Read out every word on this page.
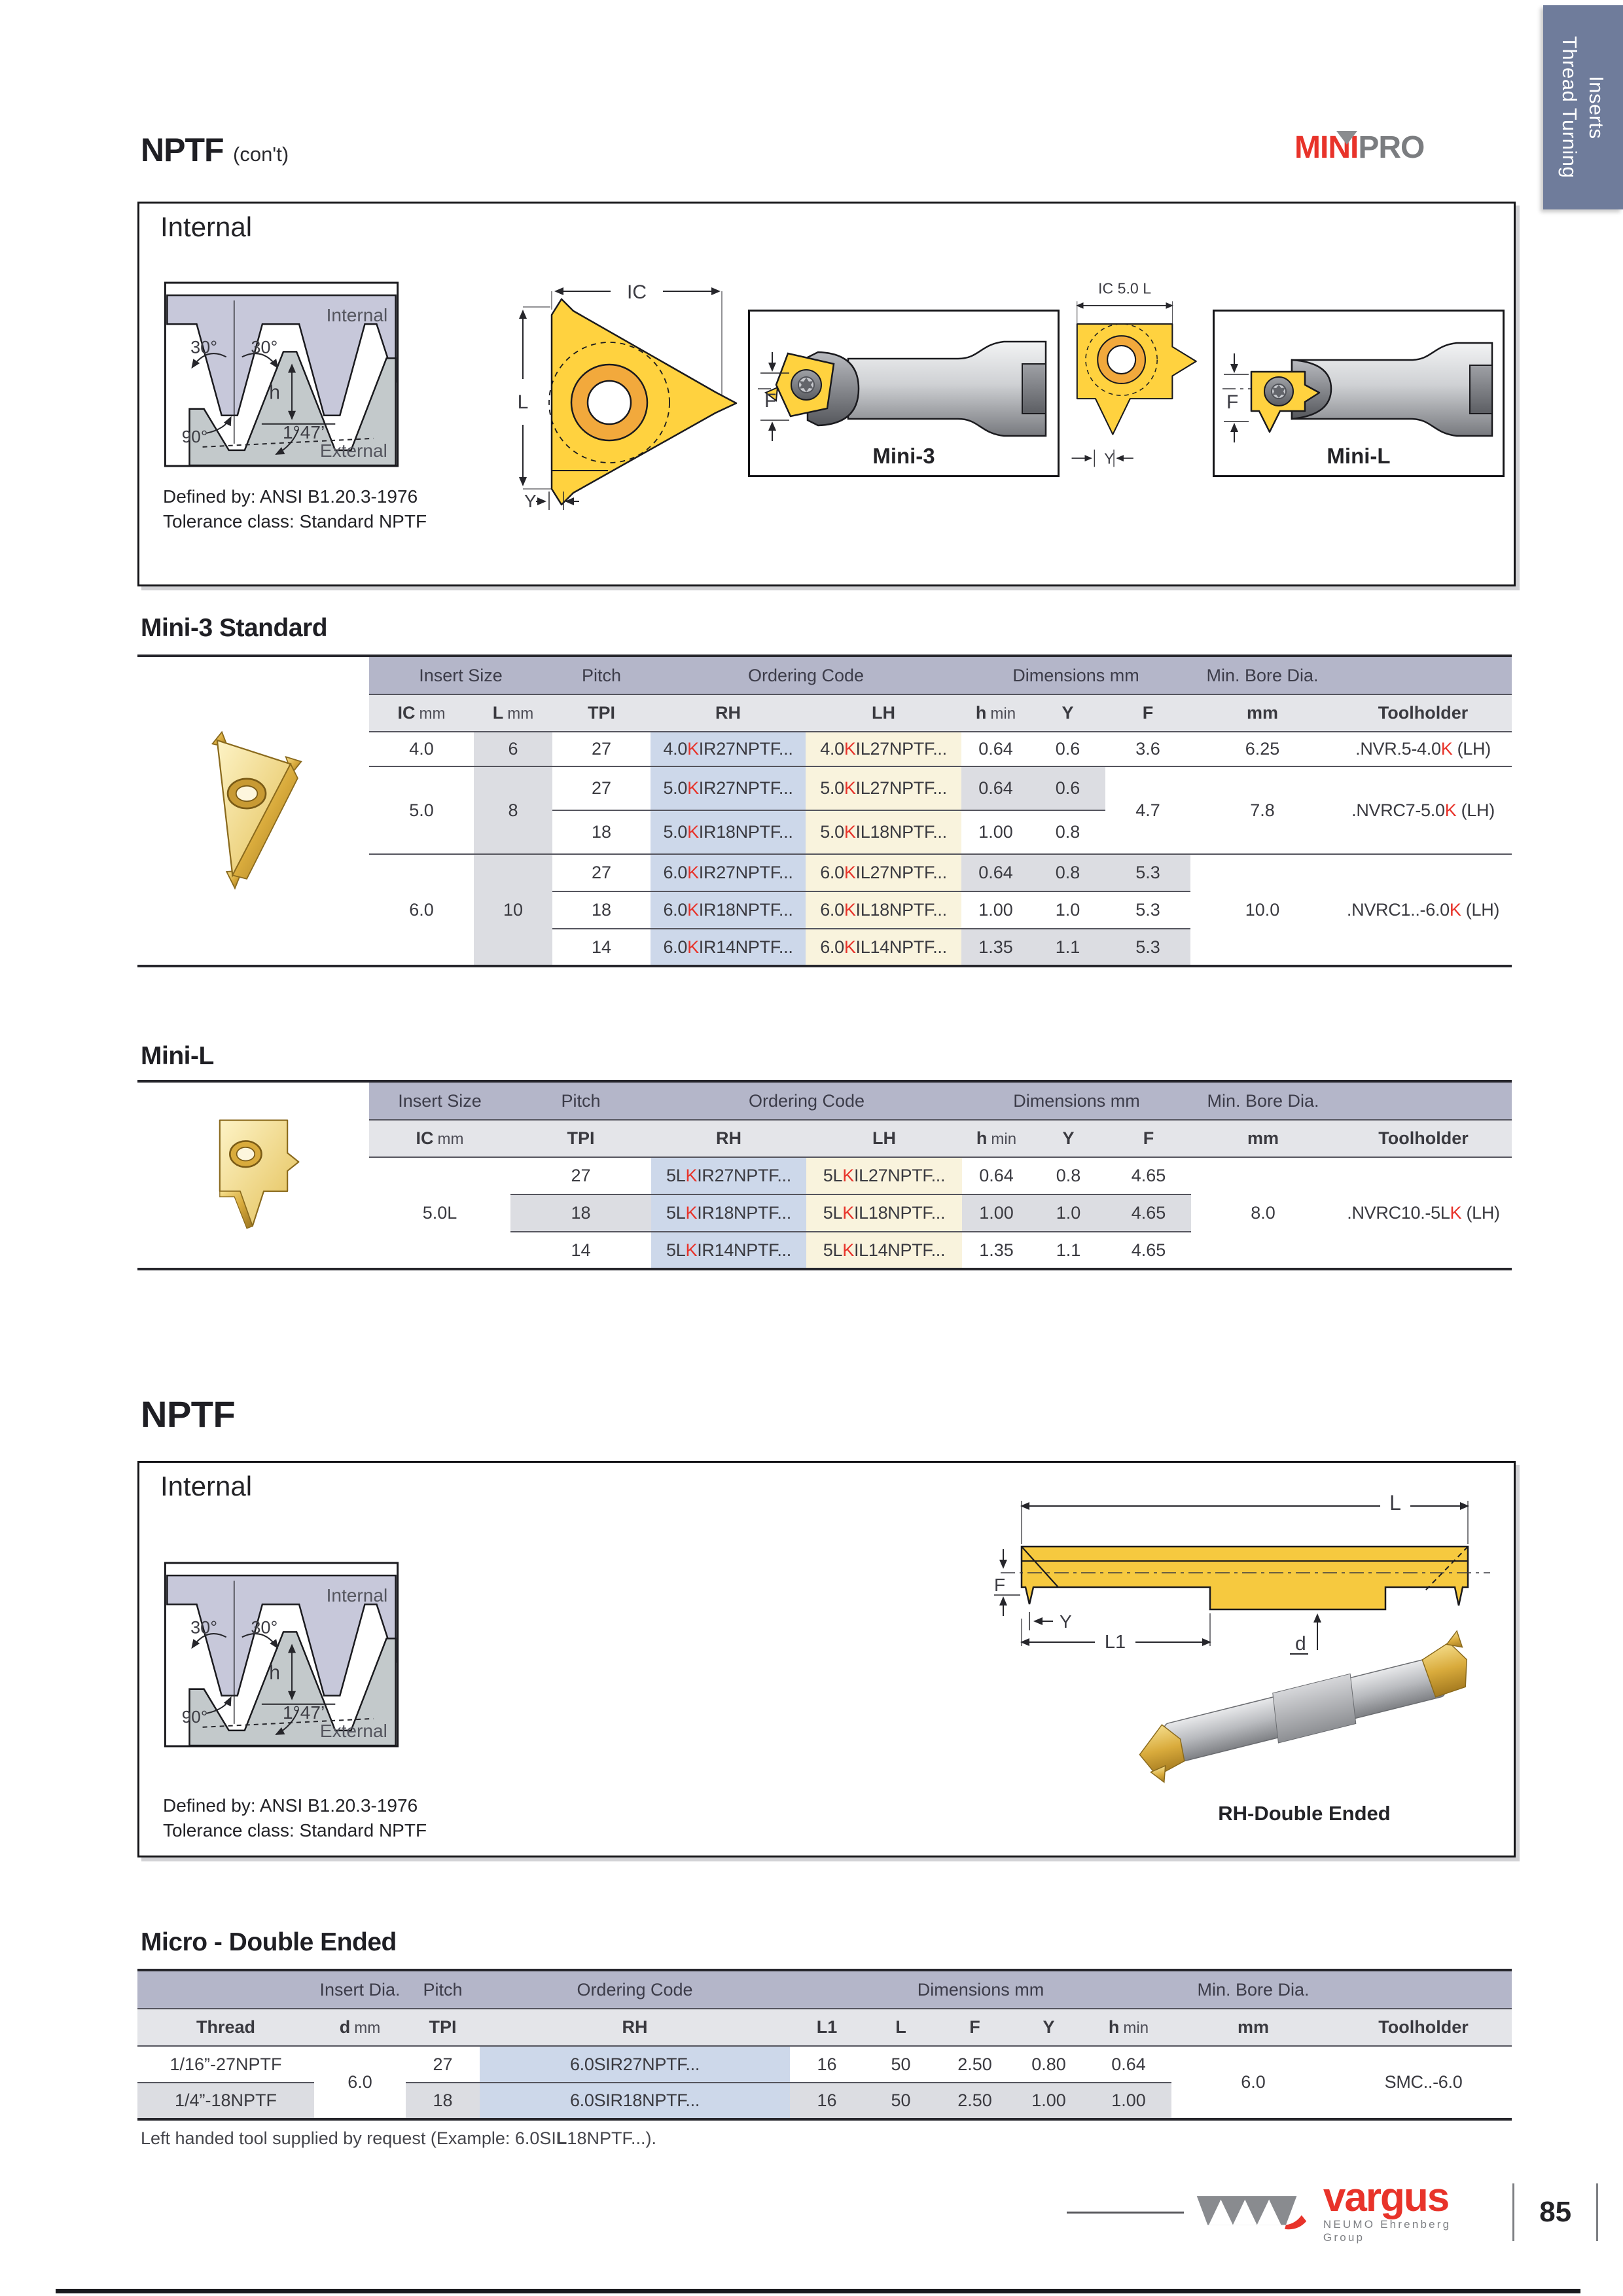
Thread Turning Inserts
NPTF (con't)	MINIPRO
Internal
30° 30°
Internal
h
90°	1°47’
External
Defined by: ANSI B1.20.3-1976
Tolerance class: Standard NPTF
IC
L
Y
F
Mini-3
IC 5.0 L
Y
F
Mini-L
Mini-3 Standard
	Insert Size		Pitch	Ordering Code		Dimensions mm			Min. Bore Dia.	
	IC mm	L mm	TPI	RH	LH	h min	Y	F	mm	Toolholder
	4.0	6	27	4.0KIR27NPTF...	4.0KIL27NPTF...	0.64	0.6	3.6	6.25	.NVR.5-4.0K (LH)
	5.0	8	27	5.0KIR27NPTF...	5.0KIL27NPTF...	0.64	0.6	4.7	7.8	.NVRC7-5.0K (LH)
			18	5.0KIR18NPTF...	5.0KIL18NPTF...	1.00	0.8			
	6.0	10	27	6.0KIR27NPTF...	6.0KIL27NPTF...	0.64	0.8	5.3	10.0	.NVRC1..-6.0K (LH)
			18	6.0KIR18NPTF...	6.0KIL18NPTF...	1.00	1.0	5.3		
			14	6.0KIR14NPTF...	6.0KIL14NPTF...	1.35	1.1	5.3		
Mini-L
	Insert Size	Pitch	Ordering Code		Dimensions mm			Min. Bore Dia.	
	IC mm	TPI	RH	LH	h min	Y	F	mm	Toolholder
	5.0L	27	5LKIR27NPTF...	5LKIL27NPTF...	0.64	0.8	4.65	8.0	.NVRC10.-5LK (LH)
		18	5LKIR18NPTF...	5LKIL18NPTF...	1.00	1.0	4.65		
		14	5LKIR14NPTF...	5LKIL14NPTF...	1.35	1.1	4.65		
NPTF
Internal
30° 30°
Internal
h
90°	1°47’
External
Defined by: ANSI B1.20.3-1976
Tolerance class: Standard NPTF
L
F
Y
L1	d
RH-Double Ended
Micro - Double Ended
	Insert Dia.	Pitch	Ordering Code	Dimensions mm					Min. Bore Dia.	
Thread	d mm	TPI	RH	L1	L	F	Y	h min	mm	Toolholder
1/16”-27NPTF	6.0	27	6.0SIR27NPTF...	16	50	2.50	0.80	0.64	6.0	SMC..-6.0
1/4”-18NPTF		18	6.0SIR18NPTF...	16	50	2.50	1.00	1.00		
Left handed tool supplied by request (Example: 6.0SIL18NPTF...).
vargus
NEUMO Ehrenberg Group
85
